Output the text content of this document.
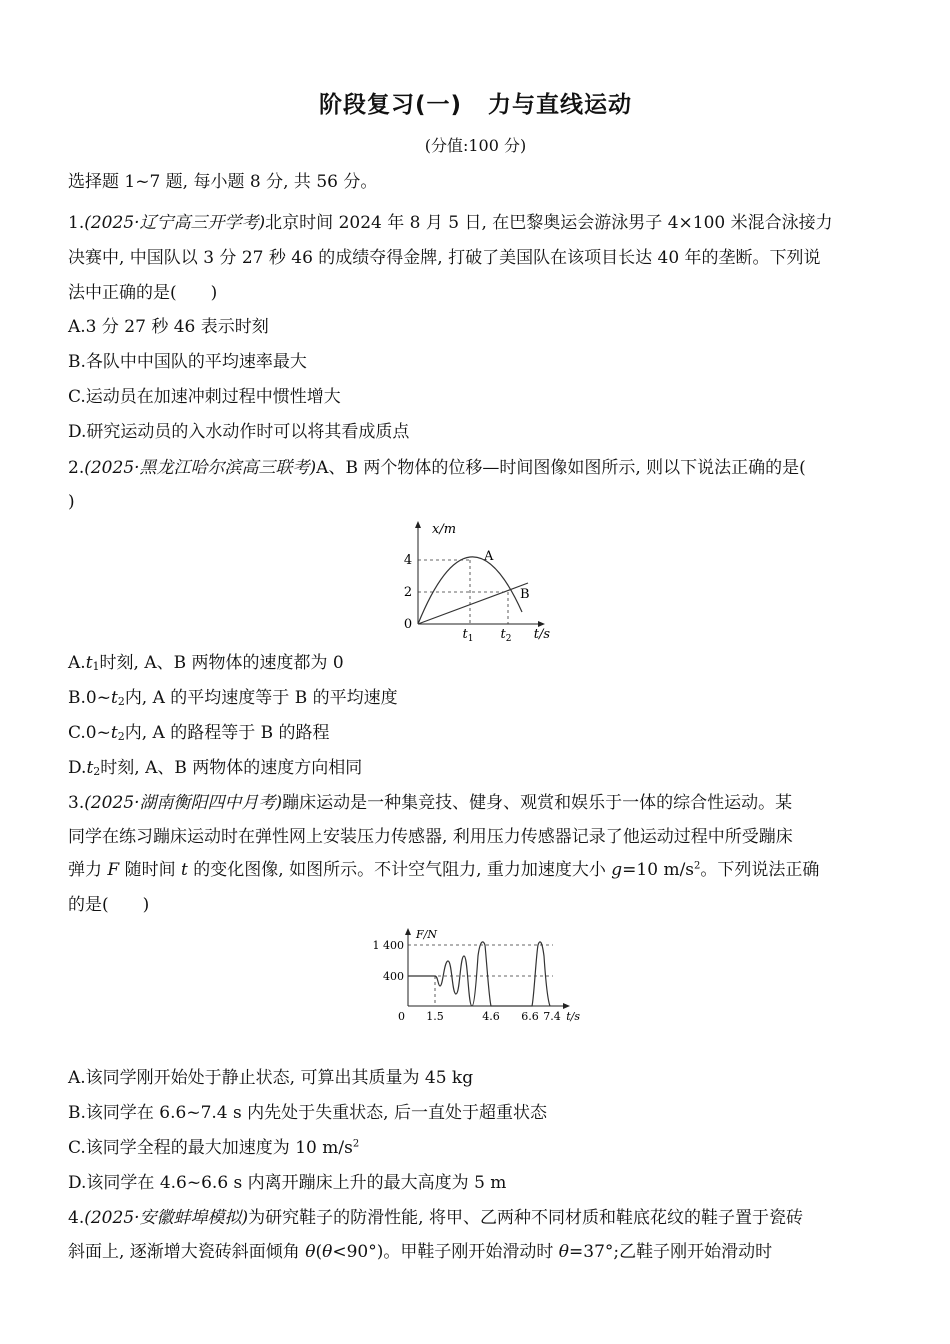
阶段复习(一) 力与直线运动
(分值:100 分)
选择题 1~7 题, 每小题 8 分, 共 56 分。
1.(2025·辽宁高三开学考)北京时间 2024 年 8 月 5 日, 在巴黎奥运会游泳男子 4×100 米混合泳接力
决赛中, 中国队以 3 分 27 秒 46 的成绩夺得金牌, 打破了美国队在该项目长达 40 年的垄断。下列说
法中正确的是(　　)
A.3 分 27 秒 46 表示时刻
B.各队中中国队的平均速率最大
C.运动员在加速冲刺过程中惯性增大
D.研究运动员的入水动作时可以将其看成质点
2.(2025·黑龙江哈尔滨高三联考)A、B 两个物体的位移—时间图像如图所示, 则以下说法正确的是(
)
x/m
4
2
0
t/s
$t_1$ $t_2$
A
B
$A.t_1$时刻, A、B 两物体的速度都为 0
$B.0\sim t_2$内, A 的平均速度等于 B 的平均速度
$C.0\sim t_2$内, A 的路程等于 B 的路程
$D.t_2$时刻, A、B 两物体的速度方向相同
3.(2025·湖南衡阳四中月考)蹦床运动是一种集竞技、健身、观赏和娱乐于一体的综合性运动。某
同学在练习蹦床运动时在弹性网上安装压力传感器, 利用压力传感器记录了他运动过程中所受蹦床
弹力 F 随时间 t 的变化图像, 如图所示。不计空气阻力, 重力加速度大小 g=10 $m/s^2$。下列说法正确
的是(　　)
F/N
1 400
400
0 1.5	4.6 6.6 7.4 t/s
A.该同学刚开始处于静止状态, 可算出其质量为 45 kg
B.该同学在 6.6~7.4 s 内先处于失重状态, 后一直处于超重状态
C.该同学全程的最大加速度为 10 $m/s^2$
D.该同学在 4.6~6.6 s 内离开蹦床上升的最大高度为 5 m
4.(2025·安徽蚌埠模拟)为研究鞋子的防滑性能, 将甲、乙两种不同材质和鞋底花纹的鞋子置于瓷砖
斜面上, 逐渐增大瓷砖斜面倾角 θ(θ<90°)。甲鞋子刚开始滑动时 θ=37°;乙鞋子刚开始滑动时
